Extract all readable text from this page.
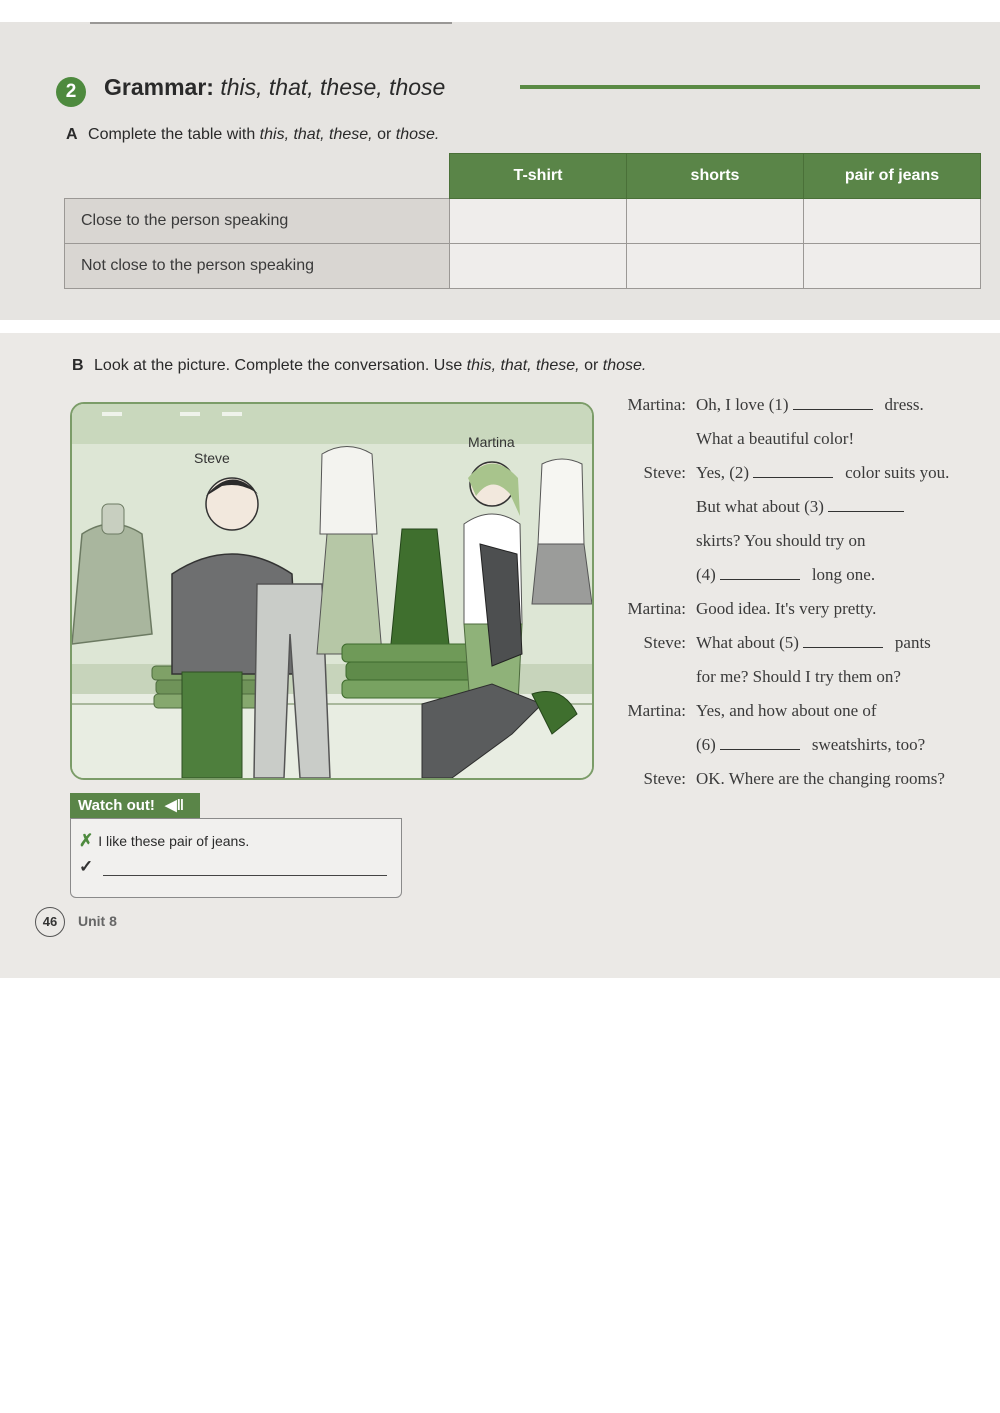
2	Grammar: this, that, these, those
A Complete the table with this, that, these, or those.
	T-shirt	shorts	pair of jeans
Close to the person speaking			
Not close to the person speaking			
B Look at the picture. Complete the conversation. Use this, that, these, or those.
Steve
Martina
Martina: Oh, I love (1)	dress.
What a beautiful color!
Steve: Yes, (2)	color suits you.
But what about (3)
skirts? You should try on
(4)	long one.
Martina: Good idea. It's very pretty.
Steve: What about (5)	pants
for me? Should I try them on?
Martina: Yes, and how about one of
(6)	sweatshirts, too?
Steve: OK. Where are the changing rooms?
Watch out! ◀‖
✗ I like these pair of jeans.
✓
46	Unit 8
